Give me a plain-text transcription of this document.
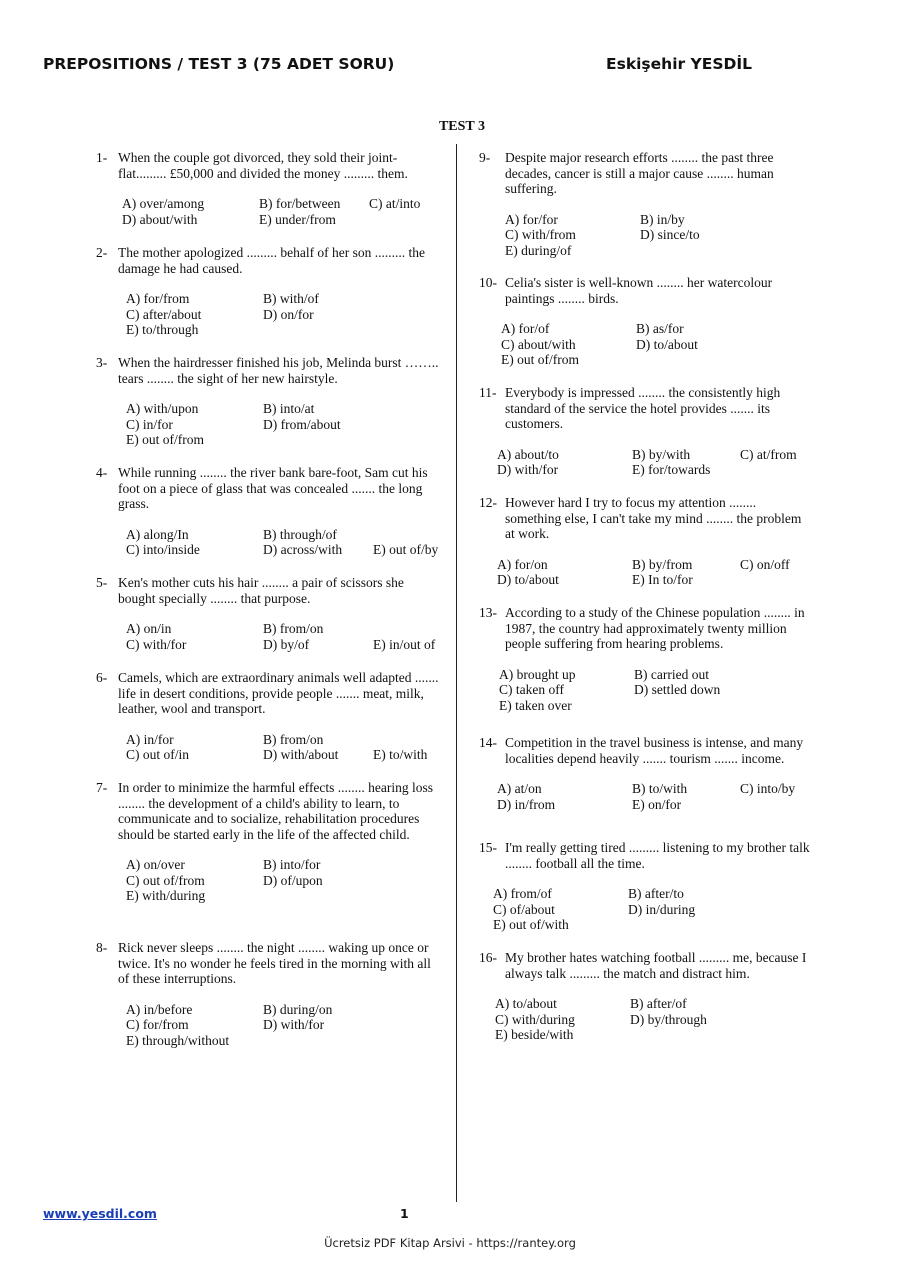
PREPOSITIONS / TEST 3 (75 ADET SORU)	Eskişehir YESDİL
TEST 3
1- When the couple got divorced, they sold their joint-flat......... £50,000 and divided the money ......... them.
A) over/among	B) for/between	C) at/into
D) about/with	E) under/from
2- The mother apologized ......... behalf of her son ......... the damage he had caused.
A) for/from	B) with/of
C) after/about	D) on/for
E) to/through
3- When the hairdresser finished his job, Melinda burst …….. tears ........ the sight of her new hairstyle.
A) with/upon	B) into/at
C) in/for	D) from/about
E) out of/from
4- While running ........ the river bank bare-foot, Sam cut his foot on a piece of glass that was concealed ....... the long grass.
A) along/In	B) through/of
C) into/inside	D) across/with	E) out of/by
5- Ken's mother cuts his hair ........ a pair of scissors she bought specially ........ that purpose.
A) on/in	B) from/on
C) with/for	D) by/of	E) in/out of
6- Camels, which are extraordinary animals well adapted ....... life in desert conditions, provide people ....... meat, milk, leather, wool and transport.
A) in/for	B) from/on
C) out of/in	D) with/about	E) to/with
7- In order to minimize the harmful effects ........ hearing loss ........ the development of a child's ability to learn, to communicate and to socialize, rehabilitation procedures should be started early in the life of the affected child.
A) on/over	B) into/for
C) out of/from	D) of/upon
E) with/during
8- Rick never sleeps ........ the night ........ waking up once or twice. It's no wonder he feels tired in the morning with all of these interruptions.
A) in/before	B) during/on
C) for/from	D) with/for
E) through/without
9-	Despite major research efforts ........ the past three decades, cancer is still a major cause ........ human suffering.
A) for/for	B) in/by
C) with/from	D) since/to
E) during/of
10- Celia's sister is well-known ........ her watercolour paintings ........ birds.
A) for/of	B) as/for
C) about/with	D) to/about
E) out of/from
11- Everybody is impressed ........ the consistently high standard of the service the hotel provides ....... its customers.
A) about/to	B) by/with	C) at/from
D) with/for	E) for/towards
12- However hard I try to focus my attention ........ something else, I can't take my mind ........ the problem at work.
A) for/on	B) by/from	C) on/off
D) to/about	E) In to/for
13- According to a study of the Chinese population ........ in 1987, the country had approximately twenty million people suffering from hearing problems.
A) brought up	B) carried out
C) taken off	D) settled down
E) taken over
14- Competition in the travel business is intense, and many localities depend heavily ....... tourism ....... income.
A) at/on	B) to/with	C) into/by
D) in/from	E) on/for
15- I'm really getting tired ......... listening to my brother talk ........ football all the time.
A) from/of	B) after/to
C) of/about	D) in/during
E) out of/with
16- My brother hates watching football ......... me, because I always talk ......... the match and distract him.
A) to/about	B) after/of
C) with/during	D) by/through
E) beside/with
www.yesdil.com	1
Ücretsiz PDF Kitap Arsivi - https://rantey.org
